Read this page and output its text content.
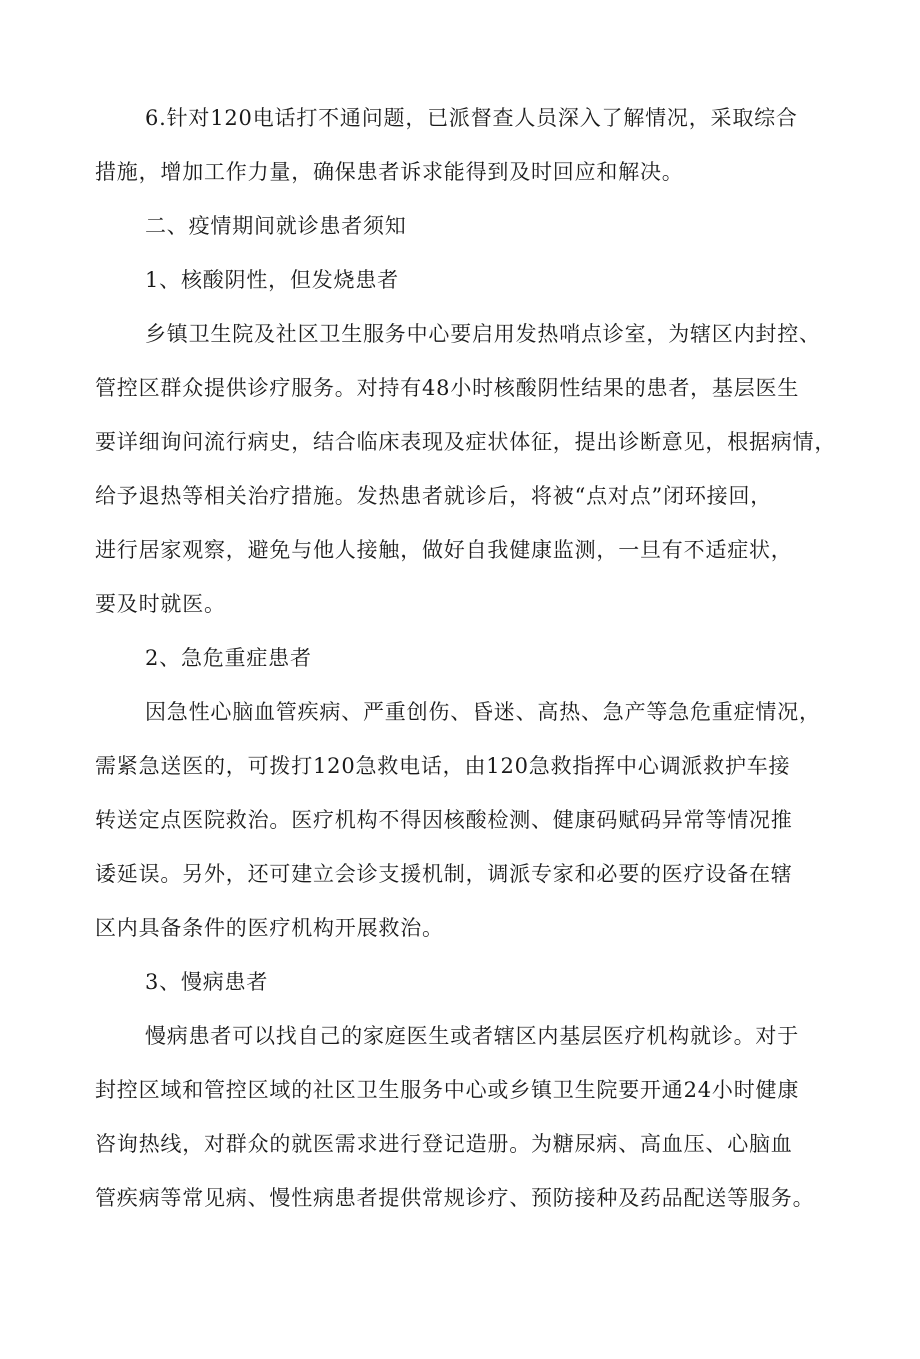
6.针对120电话打不通问题，已派督查人员深入了解情况，采取综合
措施，增加工作力量，确保患者诉求能得到及时回应和解决。
二、疫情期间就诊患者须知
1、核酸阴性，但发烧患者
乡镇卫生院及社区卫生服务中心要启用发热哨点诊室，为辖区内封控、
管控区群众提供诊疗服务。对持有48小时核酸阴性结果的患者，基层医生
要详细询问流行病史，结合临床表现及症状体征，提出诊断意见，根据病情，
给予退热等相关治疗措施。发热患者就诊后，将被“点对点”闭环接回，
进行居家观察，避免与他人接触，做好自我健康监测，一旦有不适症状，
要及时就医。
2、急危重症患者
因急性心脑血管疾病、严重创伤、昏迷、高热、急产等急危重症情况，
需紧急送医的，可拨打120急救电话，由120急救指挥中心调派救护车接
转送定点医院救治。医疗机构不得因核酸检测、健康码赋码异常等情况推
诿延误。另外，还可建立会诊支援机制，调派专家和必要的医疗设备在辖
区内具备条件的医疗机构开展救治。
3、慢病患者
慢病患者可以找自己的家庭医生或者辖区内基层医疗机构就诊。对于
封控区域和管控区域的社区卫生服务中心或乡镇卫生院要开通24小时健康
咨询热线，对群众的就医需求进行登记造册。为糖尿病、高血压、心脑血
管疾病等常见病、慢性病患者提供常规诊疗、预防接种及药品配送等服务。
